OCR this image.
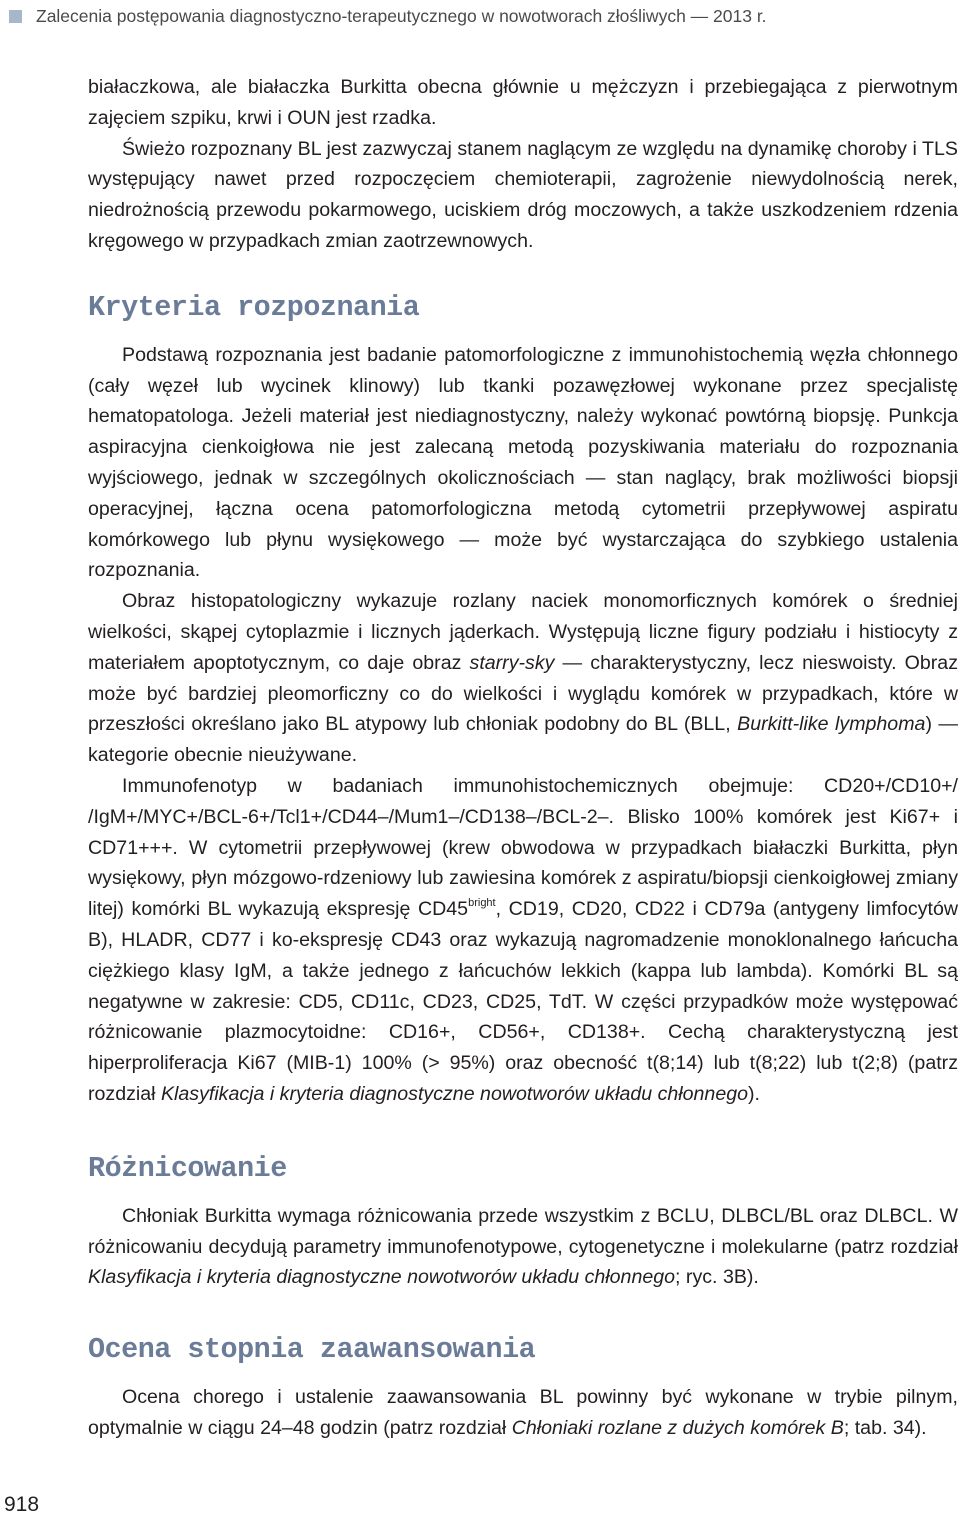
Zalecenia postępowania diagnostyczno-terapeutycznego w nowotworach złośliwych — 2013 r.

białaczkowa, ale białaczka Burkitta obecna głównie u mężczyzn i przebiegająca z pierwotnym zajęciem szpiku, krwi i OUN jest rzadka.

Świeżo rozpoznany BL jest zazwyczaj stanem naglącym ze względu na dynamikę choroby i TLS występujący nawet przed rozpoczęciem chemioterapii, zagrożenie niewydolnością nerek, niedrożnością przewodu pokarmowego, uciskiem dróg moczowych, a także uszkodzeniem rdzenia kręgowego w przypadkach zmian zaotrzewnowych.

Kryteria rozpoznania

Podstawą rozpoznania jest badanie patomorfologiczne z immunohistochemią węzła chłonnego (cały węzeł lub wycinek klinowy) lub tkanki pozawęzłowej wykonane przez specjalistę hematopatologa. Jeżeli materiał jest niediagnostyczny, należy wykonać powtórną biopsję. Punkcja aspiracyjna cienkoigłowa nie jest zalecaną metodą pozyskiwania materiału do rozpoznania wyjściowego, jednak w szczególnych okolicznościach — stan naglący, brak możliwości biopsji operacyjnej, łączna ocena patomorfologiczna metodą cytometrii przepływowej aspiratu komórkowego lub płynu wysiękowego — może być wystarczająca do szybkiego ustalenia rozpoznania.

Obraz histopatologiczny wykazuje rozlany naciek monomorficznych komórek o średniej wielkości, skąpej cytoplazmie i licznych jąderkach. Występują liczne figury podziału i histiocyty z materiałem apoptotycznym, co daje obraz starry-sky — charakterystyczny, lecz nieswoisty. Obraz może być bardziej pleomorficzny co do wielkości i wyglądu komórek w przypadkach, które w przeszłości określano jako BL atypowy lub chłoniak podobny do BL (BLL, Burkitt-like lymphoma) — kategorie obecnie nieużywane.

Immunofenotyp w badaniach immunohistochemicznych obejmuje: CD20+/CD10+/ /IgM+/MYC+/BCL-6+/Tcl1+/CD44–/Mum1–/CD138–/BCL-2–. Blisko 100% komórek jest Ki67+ i CD71+++. W cytometrii przepływowej (krew obwodowa w przypadkach białaczki Burkitta, płyn wysiękowy, płyn mózgowo-rdzeniowy lub zawiesina komórek z aspiratu/biopsji cienkoigłowej zmiany litej) komórki BL wykazują ekspresję $CD45^{bright}$, CD19, CD20, CD22 i CD79a (antygeny limfocytów B), HLADR, CD77 i ko-ekspresję CD43 oraz wykazują nagromadzenie monoklonalnego łańcucha ciężkiego klasy IgM, a także jednego z łańcuchów lekkich (kappa lub lambda). Komórki BL są negatywne w zakresie: CD5, CD11c, CD23, CD25, TdT. W części przypadków może występować różnicowanie plazmocytoidne: CD16+, CD56+, CD138+. Cechą charakterystyczną jest hiperproliferacja Ki67 (MIB-1) 100% (> 95%) oraz obecność t(8;14) lub t(8;22) lub t(2;8) (patrz rozdział Klasyfikacja i kryteria diagnostyczne nowotworów układu chłonnego).

Różnicowanie

Chłoniak Burkitta wymaga różnicowania przede wszystkim z BCLU, DLBCL/BL oraz DLBCL. W różnicowaniu decydują parametry immunofenotypowe, cytogenetyczne i molekularne (patrz rozdział Klasyfikacja i kryteria diagnostyczne nowotworów układu chłonnego; ryc. 3B).

Ocena stopnia zaawansowania

Ocena chorego i ustalenie zaawansowania BL powinny być wykonane w trybie pilnym, optymalnie w ciągu 24–48 godzin (patrz rozdział Chłoniaki rozlane z dużych komórek B; tab. 34).

918
